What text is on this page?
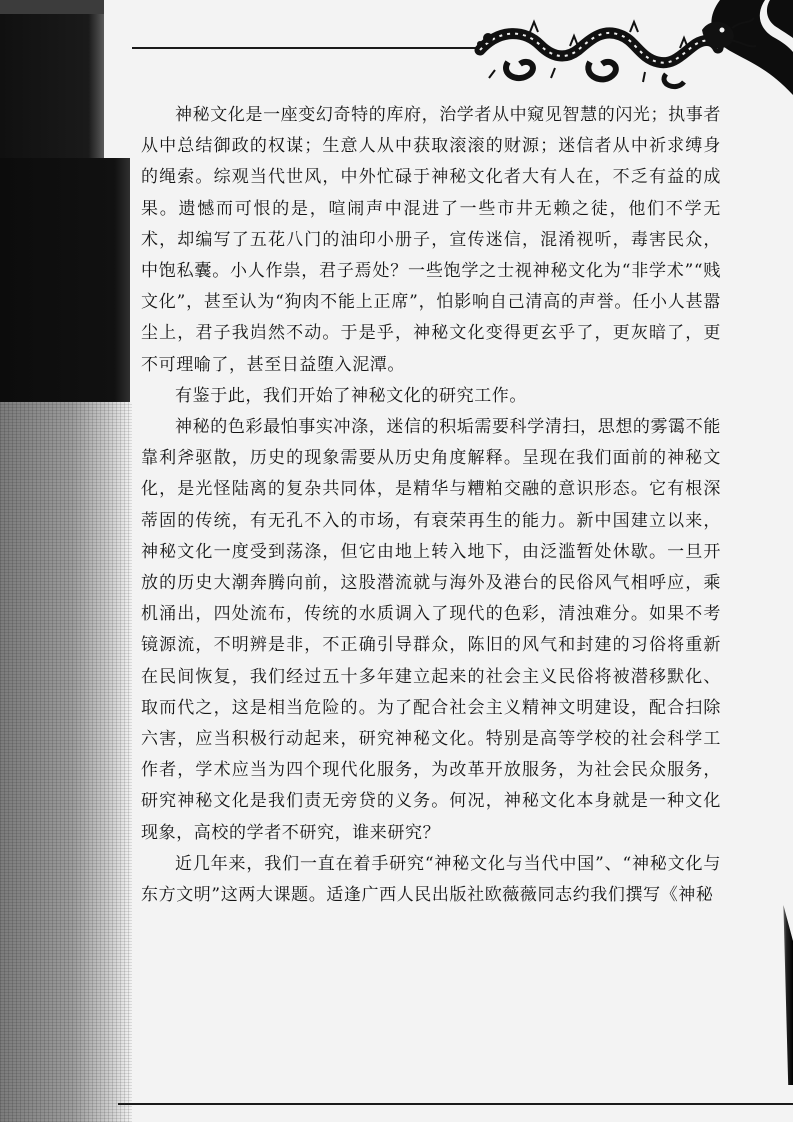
神秘文化是一座变幻奇特的库府，治学者从中窥见智慧的闪光；执事者从中总结御政的权谋；生意人从中获取滚滚的财源；迷信者从中祈求缚身的绳索。综观当代世风，中外忙碌于神秘文化者大有人在，不乏有益的成果。遗憾而可恨的是，喧闹声中混进了一些市井无赖之徒，他们不学无术，却编写了五花八门的油印小册子，宣传迷信，混淆视听，毒害民众，中饱私囊。小人作祟，君子焉处？一些饱学之士视神秘文化为“非学术”“贱文化”，甚至认为“狗肉不能上正席”，怕影响自己清高的声誉。任小人甚嚣尘上，君子我岿然不动。于是乎，神秘文化变得更玄乎了，更灰暗了，更不可理喻了，甚至日益堕入泥潭。

有鉴于此，我们开始了神秘文化的研究工作。

神秘的色彩最怕事实冲涤，迷信的积垢需要科学清扫，思想的雾霭不能靠利斧驱散，历史的现象需要从历史角度解释。呈现在我们面前的神秘文化，是光怪陆离的复杂共同体，是精华与糟粕交融的意识形态。它有根深蒂固的传统，有无孔不入的市场，有衰荣再生的能力。新中国建立以来，神秘文化一度受到荡涤，但它由地上转入地下，由泛滥暂处休歇。一旦开放的历史大潮奔腾向前，这股潜流就与海外及港台的民俗风气相呼应，乘机涌出，四处流布，传统的水质调入了现代的色彩，清浊难分。如果不考镜源流，不明辨是非，不正确引导群众，陈旧的风气和封建的习俗将重新在民间恢复，我们经过五十多年建立起来的社会主义民俗将被潜移默化、取而代之，这是相当危险的。为了配合社会主义精神文明建设，配合扫除六害，应当积极行动起来，研究神秘文化。特别是高等学校的社会科学工作者，学术应当为四个现代化服务，为改革开放服务，为社会民众服务，研究神秘文化是我们责无旁贷的义务。何况，神秘文化本身就是一种文化现象，高校的学者不研究，谁来研究？

近几年来，我们一直在着手研究“神秘文化与当代中国”、“神秘文化与东方文明”这两大课题。适逢广西人民出版社欧薇薇同志约我们撰写《神秘
